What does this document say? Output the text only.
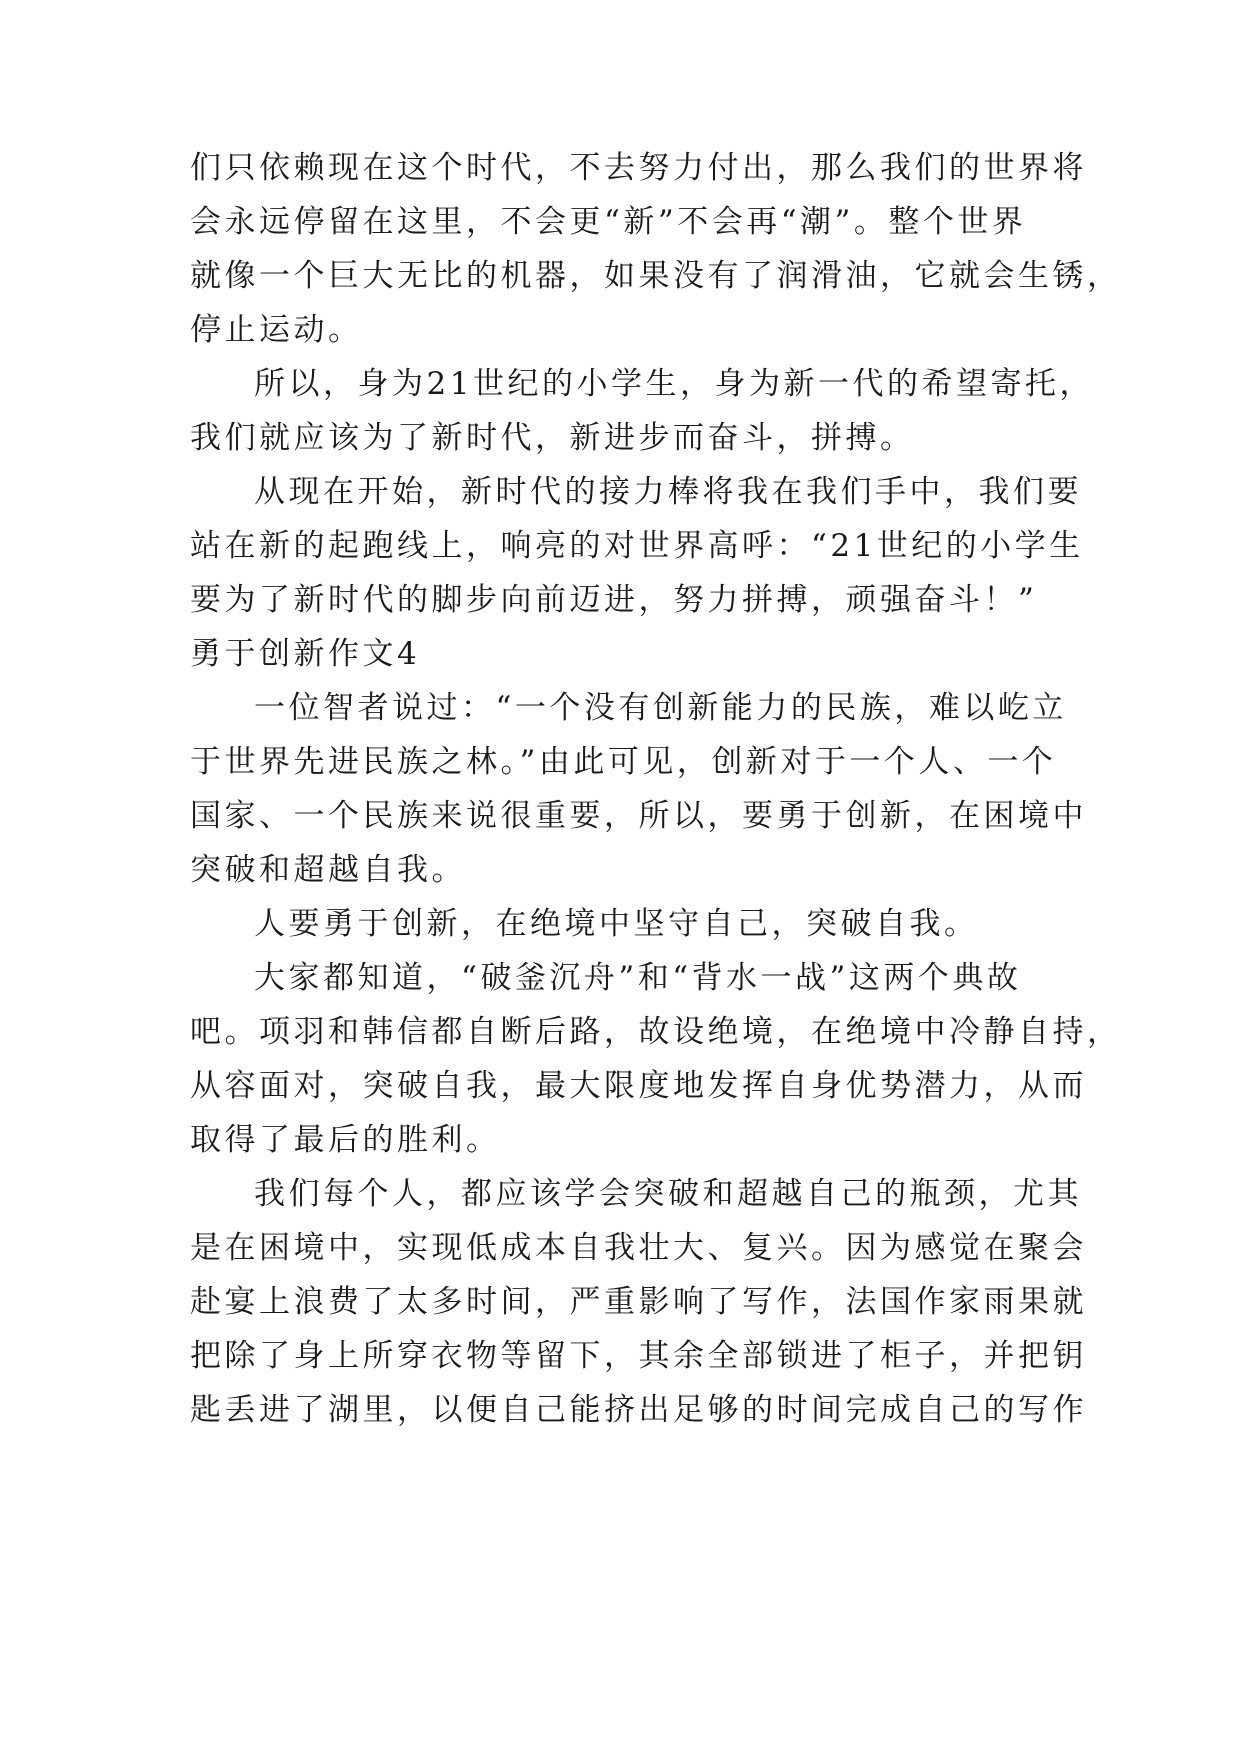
们只依赖现在这个时代，不去努力付出，那么我们的世界将
会永远停留在这里，不会更“新”不会再“潮”。整个世界
就像一个巨大无比的机器，如果没有了润滑油，它就会生锈，
停止运动。
所以，身为21世纪的小学生，身为新一代的希望寄托，
我们就应该为了新时代，新进步而奋斗，拼搏。
从现在开始，新时代的接力棒将我在我们手中，我们要
站在新的起跑线上，响亮的对世界高呼：“21世纪的小学生
要为了新时代的脚步向前迈进，努力拼搏，顽强奋斗！”
勇于创新作文4
一位智者说过：“一个没有创新能力的民族，难以屹立
于世界先进民族之林。”由此可见，创新对于一个人、一个
国家、一个民族来说很重要，所以，要勇于创新，在困境中
突破和超越自我。
人要勇于创新，在绝境中坚守自己，突破自我。
大家都知道，“破釜沉舟”和“背水一战”这两个典故
吧。项羽和韩信都自断后路，故设绝境，在绝境中冷静自持，
从容面对，突破自我，最大限度地发挥自身优势潜力，从而
取得了最后的胜利。
我们每个人，都应该学会突破和超越自己的瓶颈，尤其
是在困境中，实现低成本自我壮大、复兴。因为感觉在聚会
赴宴上浪费了太多时间，严重影响了写作，法国作家雨果就
把除了身上所穿衣物等留下，其余全部锁进了柜子，并把钥
匙丢进了湖里，以便自己能挤出足够的时间完成自己的写作
